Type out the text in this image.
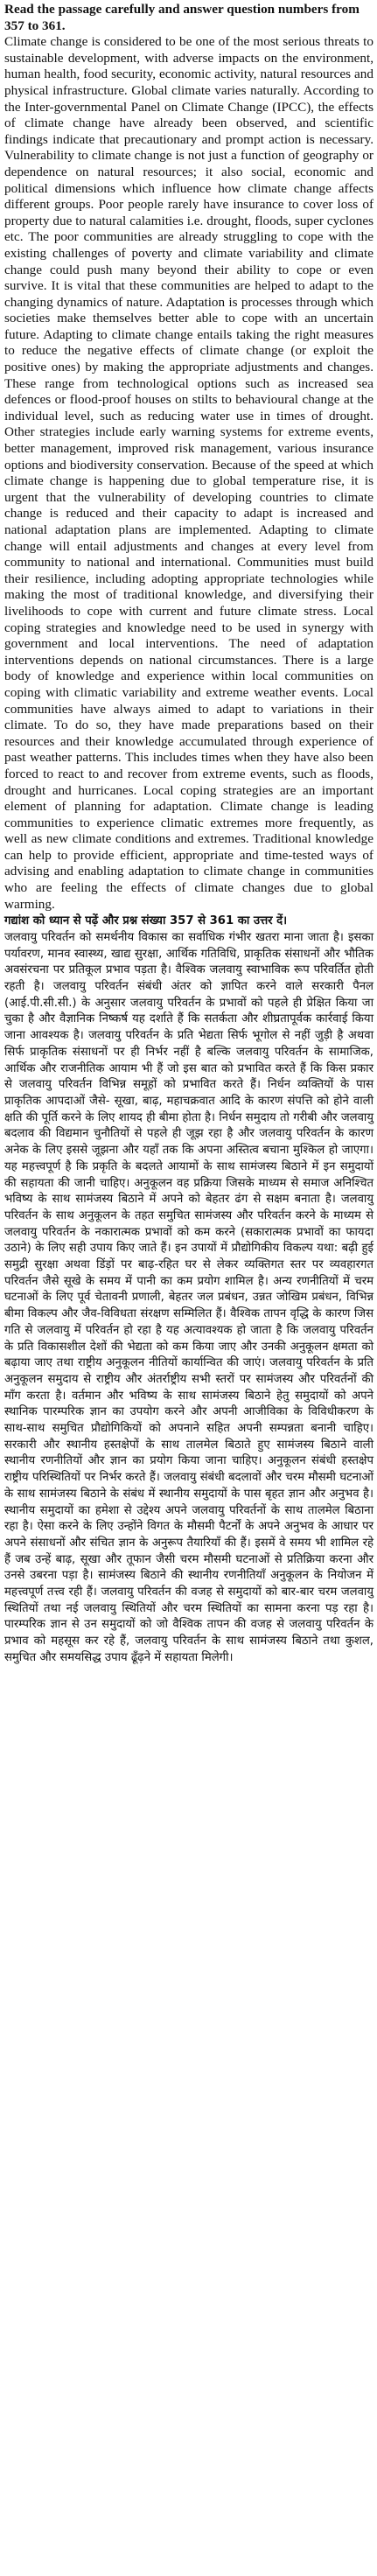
Read the passage carefully and answer question numbers from 357 to 361.

Climate change is considered to be one of the most serious threats to sustainable development, with adverse impacts on the environment, human health, food security, economic activity, natural resources and physical infrastructure. Global climate varies naturally. According to the Inter-governmental Panel on Climate Change (IPCC), the effects of climate change have already been observed, and scientific findings indicate that precautionary and prompt action is necessary. Vulnerability to climate change is not just a function of geography or dependence on natural resources; it also social, economic and political dimensions which influence how climate change affects different groups. Poor people rarely have insurance to cover loss of property due to natural calamities i.e. drought, floods, super cyclones etc. The poor communities are already struggling to cope with the existing challenges of poverty and climate variability and climate change could push many beyond their ability to cope or even survive. It is vital that these communities are helped to adapt to the changing dynamics of nature. Adaptation is processes through which societies make themselves better able to cope with an uncertain future. Adapting to climate change entails taking the right measures to reduce the negative effects of climate change (or exploit the positive ones) by making the appropriate adjustments and changes. These range from technological options such as increased sea defences or flood-proof houses on stilts to behavioural change at the individual level, such as reducing water use in times of drought. Other strategies include early warning systems for extreme events, better management, improved risk management, various insurance options and biodiversity conservation. Because of the speed at which climate change is happening due to global temperature rise, it is urgent that the vulnerability of developing countries to climate change is reduced and their capacity to adapt is increased and national adaptation plans are implemented. Adapting to climate change will entail adjustments and changes at every level from community to national and international. Communities must build their resilience, including adopting appropriate technologies while making the most of traditional knowledge, and diversifying their livelihoods to cope with current and future climate stress. Local coping strategies and knowledge need to be used in synergy with government and local interventions. The need of adaptation interventions depends on national circumstances. There is a large body of knowledge and experience within local communities on coping with climatic variability and extreme weather events. Local communities have always aimed to adapt to variations in their climate. To do so, they have made preparations based on their resources and their knowledge accumulated through experience of past weather patterns. This includes times when they have also been forced to react to and recover from extreme events, such as floods, drought and hurricanes. Local coping strategies are an important element of planning for adaptation. Climate change is leading communities to experience climatic extremes more frequently, as well as new climate conditions and extremes. Traditional knowledge can help to provide efficient, appropriate and time-tested ways of advising and enabling adaptation to climate change in communities who are feeling the effects of climate changes due to global warming.

गद्यांश को ध्यान से पढ़ें और प्रश्न संख्या 357 से 361 का उत्तर दें।

जलवायु परिवर्तन को समर्थनीय विकास का सर्वाधिक गंभीर खतरा माना जाता है। इसका पर्यावरण, मानव स्वास्थ्य, खाद्य सुरक्षा, आर्थिक गतिविधि, प्राकृतिक संसाधनों और भौतिक अवसंरचना पर प्रतिकूल प्रभाव पड़ता है। वैश्विक जलवायु स्वाभाविक रूप परिवर्तित होती रहती है। जलवायु परिवर्तन संबंधी अंतर को ज्ञापित करने वाले सरकारी पैनल (आई.पी.सी.सी.) के अनुसार जलवायु परिवर्तन के प्रभावों को पहले ही प्रेक्षित किया जा चुका है और वैज्ञानिक निष्कर्ष यह दर्शाते हैं कि सतर्कता और शीघ्रतापूर्वक कार्रवाई किया जाना आवश्यक है। जलवायु परिवर्तन के प्रति भेद्यता सिर्फ भूगोल से नहीं जुड़ी है अथवा सिर्फ प्राकृतिक संसाधनों पर ही निर्भर नहीं है बल्कि जलवायु परिवर्तन के सामाजिक, आर्थिक और राजनीतिक आयाम भी हैं जो इस बात को प्रभावित करते हैं कि किस प्रकार से जलवायु परिवर्तन विभिन्न समूहों को प्रभावित करते हैं। निर्धन व्यक्तियों के पास प्राकृतिक आपदाओं जैसे- सूखा, बाढ़, महाचक्रवात आदि के कारण संपत्ति को होने वाली क्षति की पूर्ति करने के लिए शायद ही बीमा होता है। निर्धन समुदाय तो गरीबी और जलवायु बदलाव की विद्यमान चुनौतियों से पहले ही जूझ रहा है और जलवायु परिवर्तन के कारण अनेक के लिए इससे जूझना और यहाँ तक कि अपना अस्तित्व बचाना मुश्किल हो जाएगा। यह महत्त्वपूर्ण है कि प्रकृति के बदलते आयामों के साथ सामंजस्य बिठाने में इन समुदायों की सहायता की जानी चाहिए। अनुकूलन वह प्रक्रिया जिसके माध्यम से समाज अनिश्चित भविष्य के साथ सामंजस्य बिठाने में अपने को बेहतर ढंग से सक्षम बनाता है। जलवायु परिवर्तन के साथ अनुकूलन के तहत समुचित सामंजस्य और परिवर्तन करने के माध्यम से जलवायु परिवर्तन के नकारात्मक प्रभावों को कम करने (सकारात्मक प्रभावों का फायदा उठाने) के लिए सही उपाय किए जाते हैं। इन उपायों में प्रौद्योगिकीय विकल्प यथा: बढ़ी हुई समुद्री सुरक्षा अथवा डिंड़ों पर बाढ़-रहित घर से लेकर व्यक्तिगत स्तर पर व्यवहारगत परिवर्तन जैसे सूखे के समय में पानी का कम प्रयोग शामिल है। अन्य रणनीतियों में चरम घटनाओं के लिए पूर्व चेतावनी प्रणाली, बेहतर जल प्रबंधन, उन्नत जोखिम प्रबंधन, विभिन्न बीमा विकल्प और जैव-विविधता संरक्षण सम्मिलित हैं। वैश्विक तापन वृद्धि के कारण जिस गति से जलवायु में परिवर्तन हो रहा है यह अत्यावश्यक हो जाता है कि जलवायु परिवर्तन के प्रति विकासशील देशों की भेद्यता को कम किया जाए और उनकी अनुकूलन क्षमता को बढ़ाया जाए तथा राष्ट्रीय अनुकूलन नीतियों कार्यान्वित की जाएं। जलवायु परिवर्तन के प्रति अनुकूलन समुदाय से राष्ट्रीय और अंतर्राष्ट्रीय सभी स्तरों पर सामंजस्य और परिवर्तनों की माँग करता है। वर्तमान और भविष्य के साथ सामंजस्य बिठाने हेतु समुदायों को अपने स्थानिक पारम्परिक ज्ञान का उपयोग करने और अपनी आजीविका के विविधीकरण के साथ-साथ समुचित प्रौद्योगिकियों को अपनाने सहित अपनी सम्पन्नता बनानी चाहिए। सरकारी और स्थानीय हस्तक्षेपों के साथ तालमेल बिठाते हुए सामंजस्य बिठाने वाली स्थानीय रणनीतियों और ज्ञान का प्रयोग किया जाना चाहिए। अनुकूलन संबंधी हस्तक्षेप राष्ट्रीय परिस्थितियों पर निर्भर करते हैं। जलवायु संबंधी बदलावों और चरम मौसमी घटनाओं के साथ सामंजस्य बिठाने के संबंध में स्थानीय समुदायों के पास बृहत ज्ञान और अनुभव है। स्थानीय समुदायों का हमेशा से उद्देश्य अपने जलवायु परिवर्तनों के साथ तालमेल बिठाना रहा है। ऐसा करने के लिए उन्होंने विगत के मौसमी पैटर्नों के अपने अनुभव के आधार पर अपने संसाधनों और संचित ज्ञान के अनुरूप तैयारियाँ की हैं। इसमें वे समय भी शामिल रहे हैं जब उन्हें बाढ़, सूखा और तूफान जैसी चरम मौसमी घटनाओं से प्रतिक्रिया करना और उनसे उबरना पड़ा है। सामंजस्य बिठाने की स्थानीय रणनीतियाँ अनुकूलन के नियोजन में महत्त्वपूर्ण तत्त्व रही हैं। जलवायु परिवर्तन की वजह से समुदायों को बार-बार चरम जलवायु स्थितियों तथा नई जलवायु स्थितियों और चरम स्थितियों का सामना करना पड़ रहा है। पारम्परिक ज्ञान से उन समुदायों को जो वैश्विक तापन की वजह से जलवायु परिवर्तन के प्रभाव को महसूस कर रहे हैं, जलवायु परिवर्तन के साथ सामंजस्य बिठाने तथा कुशल, समुचित और समयसिद्ध उपाय ढूँढ़ने में सहायता मिलेगी।
